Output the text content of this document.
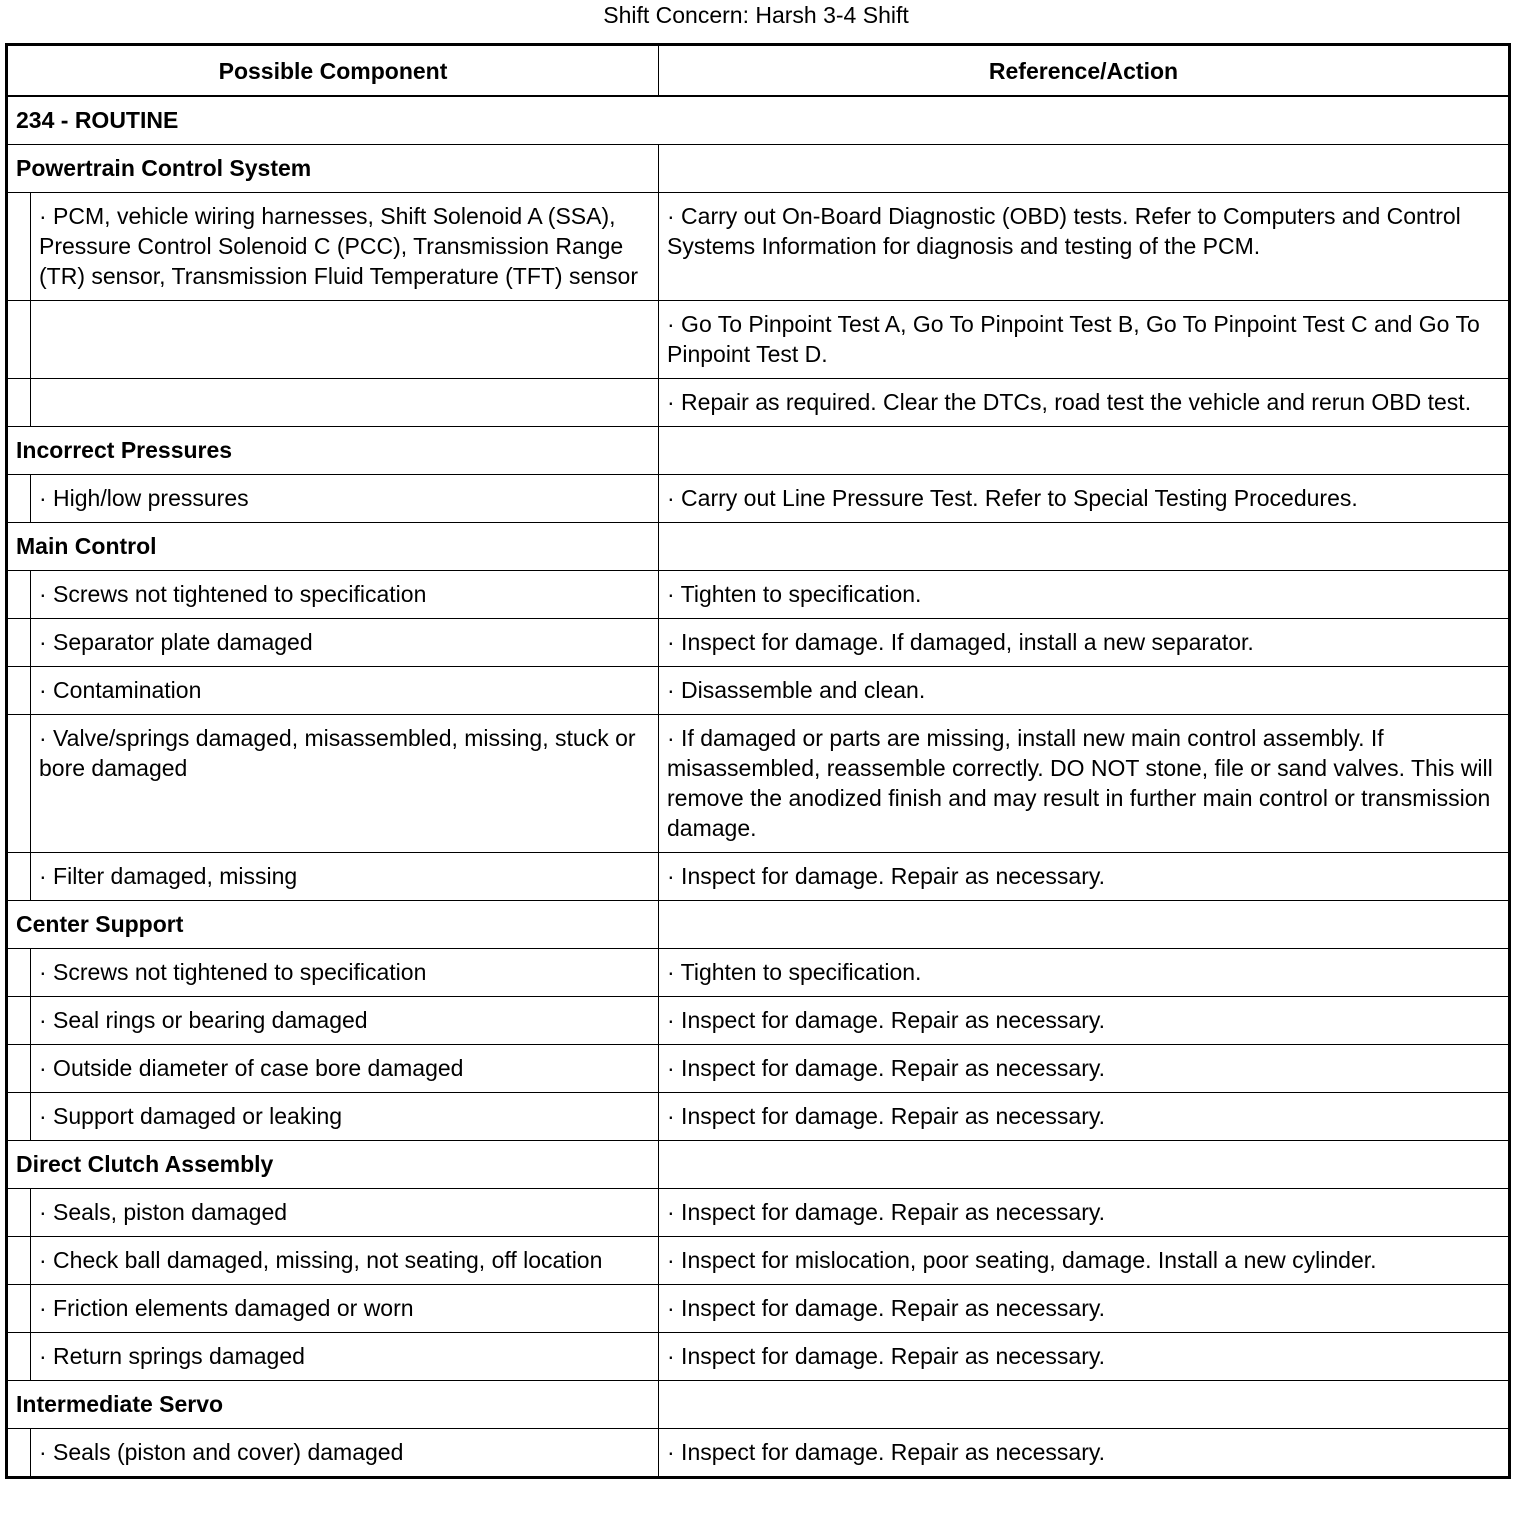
Shift Concern: Harsh 3-4 Shift
Possible Component		Reference/Action
234 - ROUTINE		
Powertrain Control System		
	· PCM, vehicle wiring harnesses, Shift Solenoid A (SSA), Pressure Control Solenoid C (PCC), Transmission Range (TR) sensor, Transmission Fluid Temperature (TFT) sensor	· Carry out On-Board Diagnostic (OBD) tests. Refer to Computers and Control Systems Information for diagnosis and testing of the PCM.
		· Go To Pinpoint Test A, Go To Pinpoint Test B, Go To Pinpoint Test C and Go To Pinpoint Test D.
		· Repair as required. Clear the DTCs, road test the vehicle and rerun OBD test.
Incorrect Pressures		
	· High/low pressures	· Carry out Line Pressure Test. Refer to Special Testing Procedures.
Main Control		
	· Screws not tightened to specification	· Tighten to specification.
	· Separator plate damaged	· Inspect for damage. If damaged, install a new separator.
	· Contamination	· Disassemble and clean.
	· Valve/springs damaged, misassembled, missing, stuck or bore damaged	· If damaged or parts are missing, install new main control assembly. If misassembled, reassemble correctly. DO NOT stone, file or sand valves. This will remove the anodized finish and may result in further main control or transmission damage.
	· Filter damaged, missing	· Inspect for damage. Repair as necessary.
Center Support		
	· Screws not tightened to specification	· Tighten to specification.
	· Seal rings or bearing damaged	· Inspect for damage. Repair as necessary.
	· Outside diameter of case bore damaged	· Inspect for damage. Repair as necessary.
	· Support damaged or leaking	· Inspect for damage. Repair as necessary.
Direct Clutch Assembly		
	· Seals, piston damaged	· Inspect for damage. Repair as necessary.
	· Check ball damaged, missing, not seating, off location	· Inspect for mislocation, poor seating, damage. Install a new cylinder.
	· Friction elements damaged or worn	· Inspect for damage. Repair as necessary.
	· Return springs damaged	· Inspect for damage. Repair as necessary.
Intermediate Servo		
	· Seals (piston and cover) damaged	· Inspect for damage. Repair as necessary.
